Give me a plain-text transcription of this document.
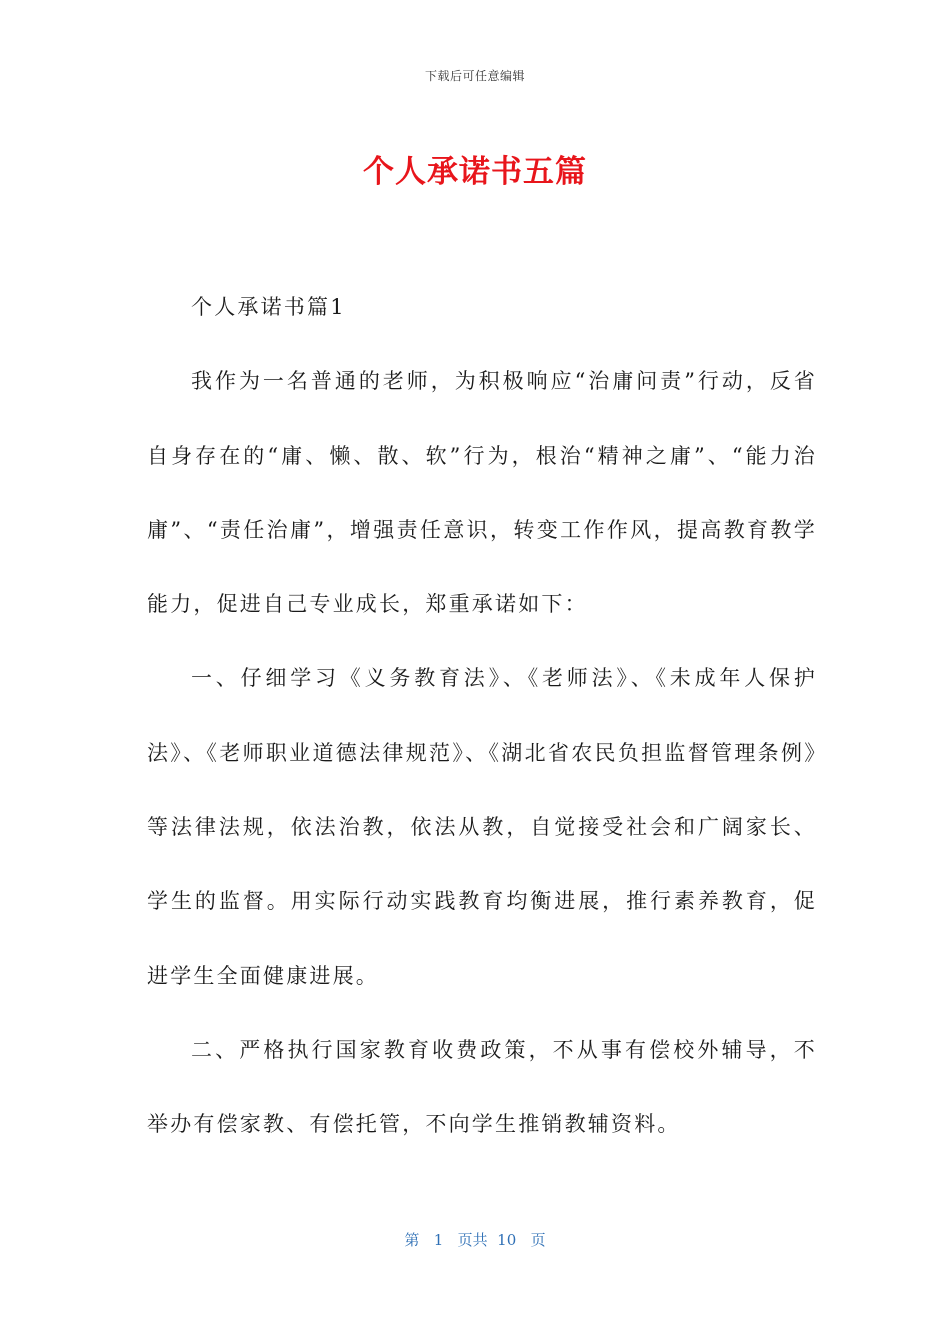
下载后可任意编辑
个人承诺书五篇

个人承诺书篇1

我作为一名普通的老师，为积极响应“治庸问责”行动，反省自身存在的“庸、懒、散、软”行为，根治“精神之庸”、“能力治庸”、“责任治庸”，增强责任意识，转变工作作风，提高教育教学能力，促进自己专业成长，郑重承诺如下：

一、仔细学习《义务教育法》、《老师法》、《未成年人保护法》、《老师职业道德法律规范》、《湖北省农民负担监督管理条例》等法律法规，依法治教，依法从教，自觉接受社会和广阔家长、学生的监督。用实际行动实践教育均衡进展，推行素养教育，促进学生全面健康进展。

二、严格执行国家教育收费政策，不从事有偿校外辅导，不举办有偿家教、有偿托管，不向学生推销教辅资料。

第 1 页共 10 页
